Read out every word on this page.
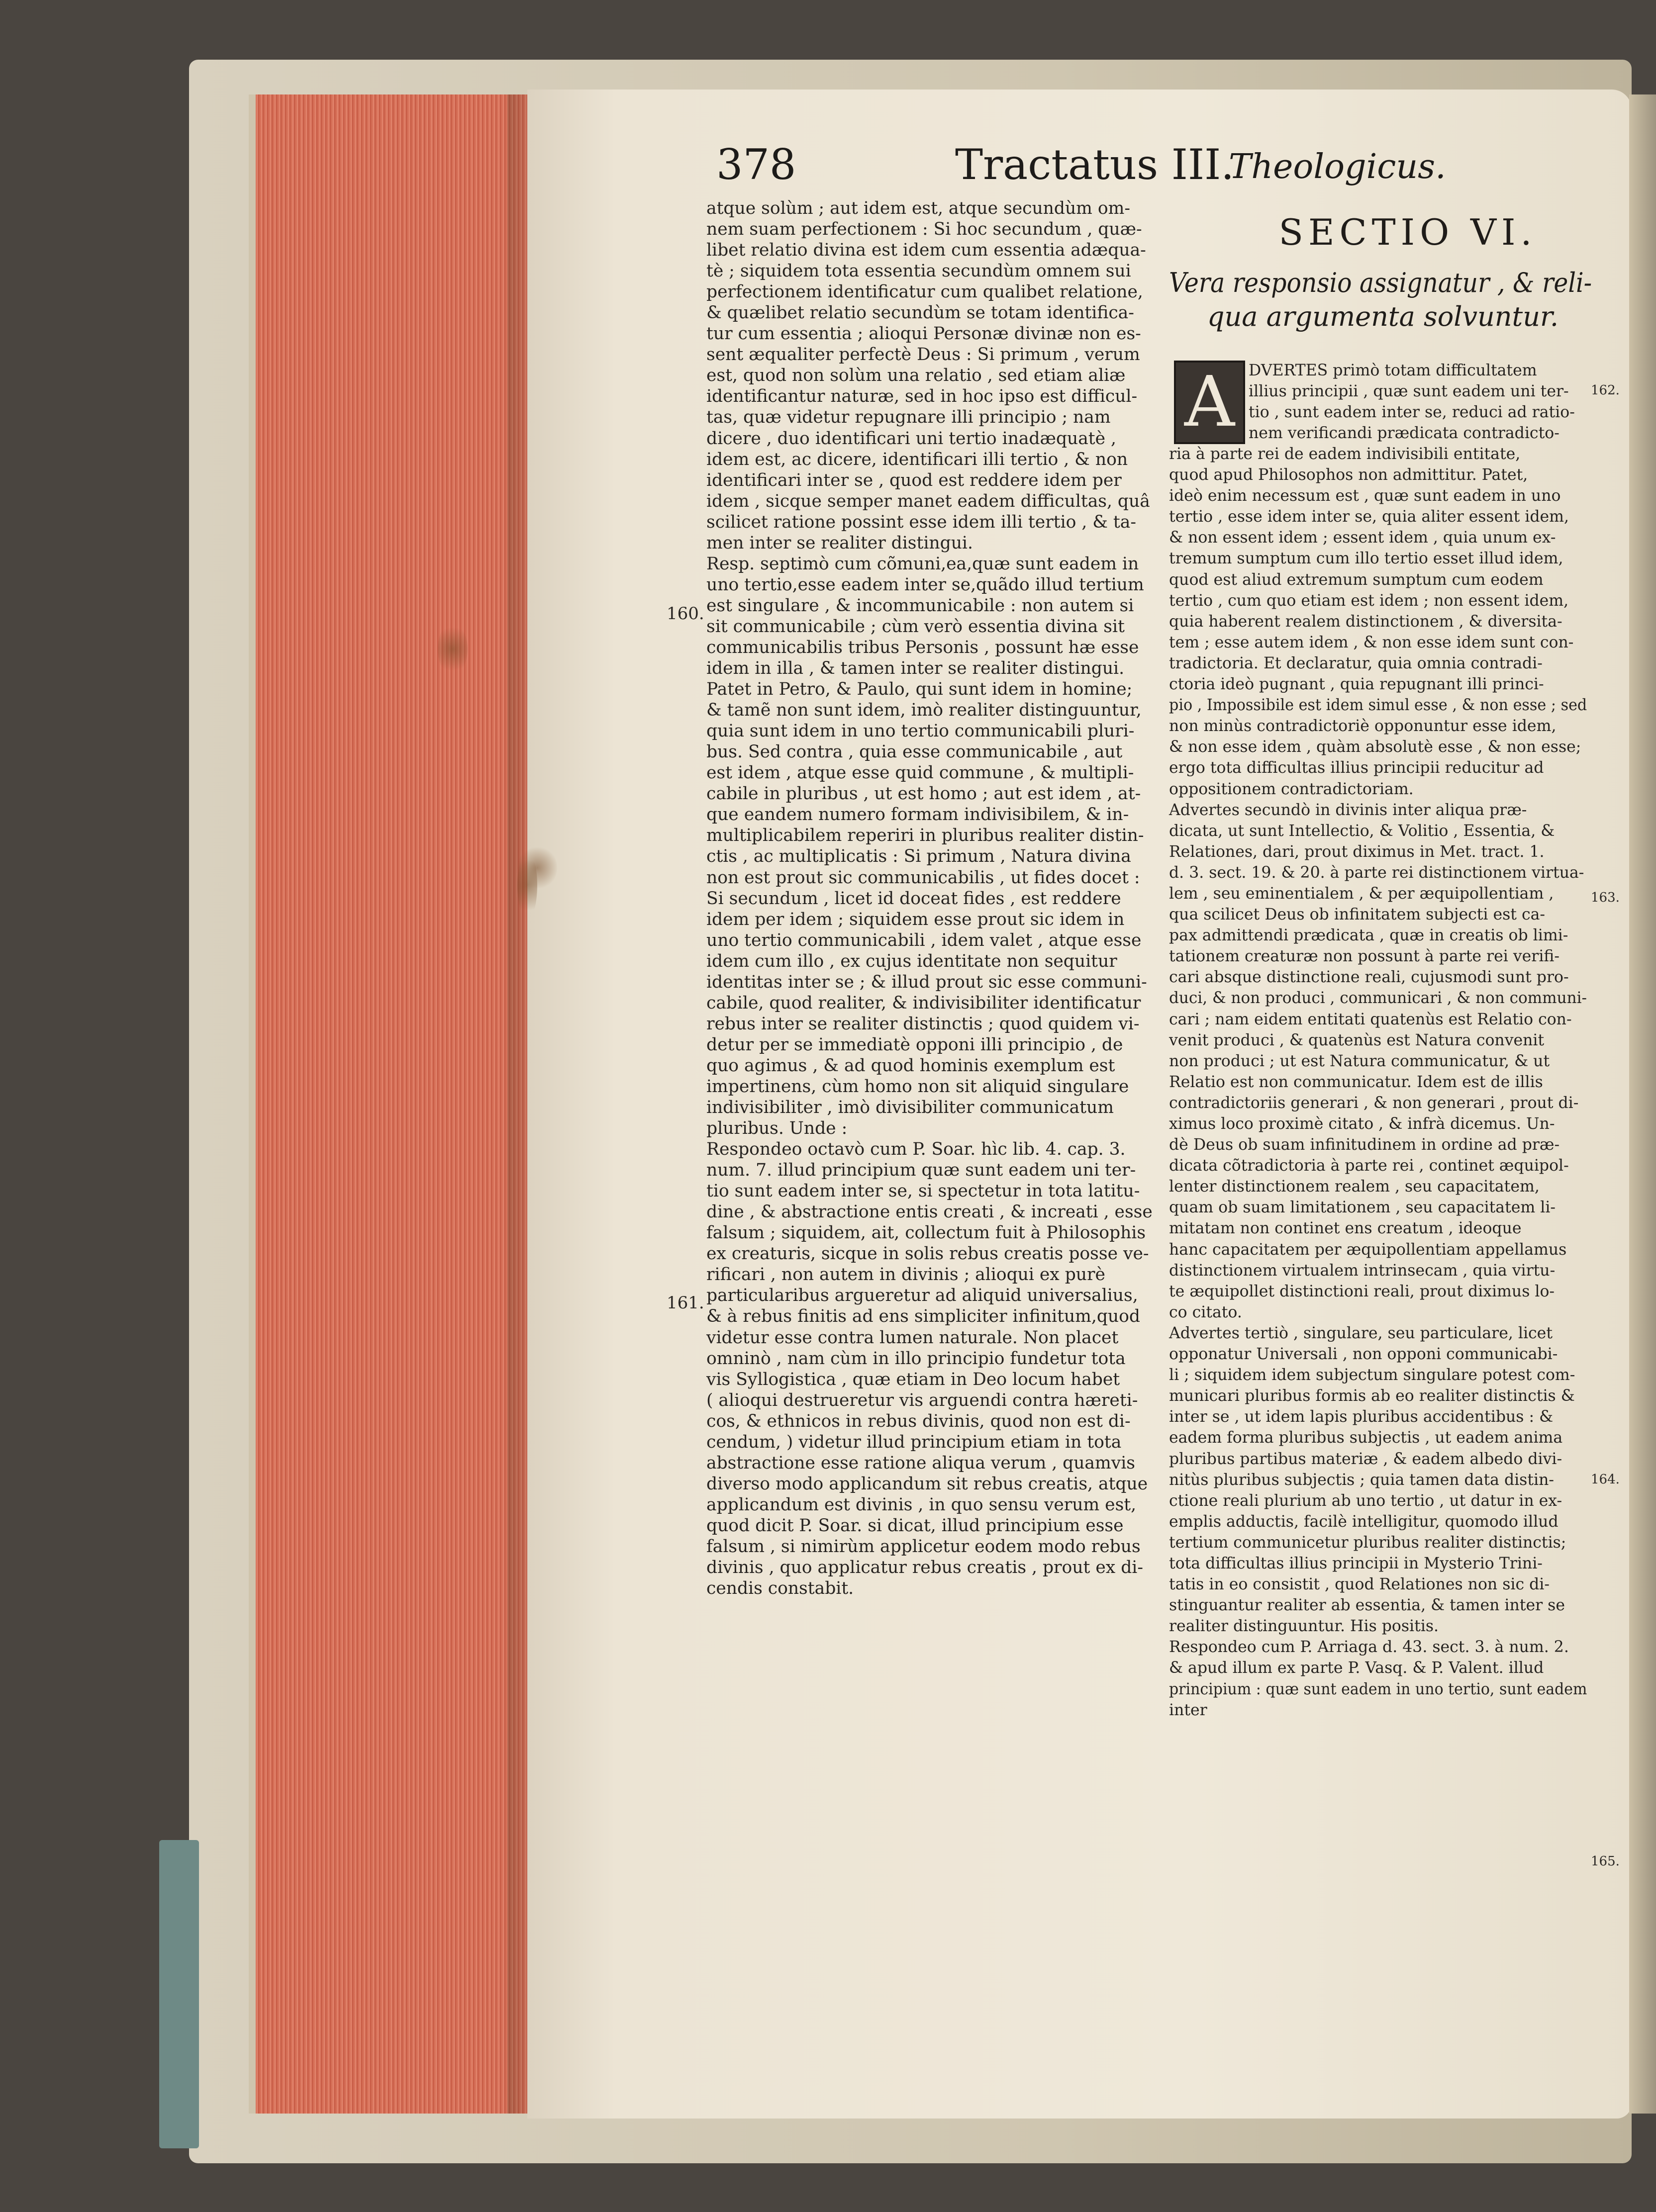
378	Tractatus III.
Theologicus.

atque solùm ; aut idem est, atque secundùm om-

nem suam perfectionem : Si hoc secundum , quæ-

libet relatio divina est idem cum essentia adæqua-

tè ; siquidem tota essentia secundùm omnem sui

perfectionem identificatur cum qualibet relatione,

& quælibet relatio secundùm se totam identifica-

tur cum essentia ; alioqui Personæ divinæ non es-

sent æqualiter perfectè Deus : Si primum , verum

est, quod non solùm una relatio , sed etiam aliæ

identificantur naturæ, sed in hoc ipso est difficul-

tas, quæ videtur repugnare illi principio ; nam

dicere , duo identificari uni tertio inadæquatè ,

idem est, ac dicere, identificari illi tertio , & non

identificari inter se , quod est reddere idem per

idem , sicque semper manet eadem difficultas, quâ

scilicet ratione possint esse idem illi tertio , & ta-

men inter se realiter distingui.

Resp. septimò cum cõmuni,ea,quæ sunt eadem in

uno tertio,esse eadem inter se,quãdo illud tertium

est singulare , & incommunicabile : non autem si

sit communicabile ; cùm verò essentia divina sit

communicabilis tribus Personis , possunt hæ esse

idem in illa , & tamen inter se realiter distingui.

Patet in Petro, & Paulo, qui sunt idem in homine;

& tamẽ non sunt idem, imò realiter distinguuntur,

quia sunt idem in uno tertio communicabili pluri-

bus. Sed contra , quia esse communicabile , aut

est idem , atque esse quid commune , & multipli-

cabile in pluribus , ut est homo ; aut est idem , at-

que eandem numero formam indivisibilem, & in-

multiplicabilem reperiri in pluribus realiter distin-

ctis , ac multiplicatis : Si primum , Natura divina

non est prout sic communicabilis , ut fides docet :

Si secundum , licet id doceat fides , est reddere

idem per idem ; siquidem esse prout sic idem in

uno tertio communicabili , idem valet , atque esse

idem cum illo , ex cujus identitate non sequitur

identitas inter se ; & illud prout sic esse communi-

cabile, quod realiter, & indivisibiliter identificatur

rebus inter se realiter distinctis ; quod quidem vi-

detur per se immediatè opponi illi principio , de

quo agimus , & ad quod hominis exemplum est

impertinens, cùm homo non sit aliquid singulare

indivisibiliter , imò divisibiliter communicatum

pluribus. Unde :

Respondeo octavò cum P. Soar. hìc lib. 4. cap. 3.

num. 7. illud principium quæ sunt eadem uni ter-

tio sunt eadem inter se, si spectetur in tota latitu-

dine , & abstractione entis creati , & increati , esse

falsum ; siquidem, ait, collectum fuit à Philosophis

ex creaturis, sicque in solis rebus creatis posse ve-

rificari , non autem in divinis ; alioqui ex purè

particularibus argueretur ad aliquid universalius,

& à rebus finitis ad ens simpliciter infinitum,quod

videtur esse contra lumen naturale. Non placet

omninò , nam cùm in illo principio fundetur tota

vis Syllogistica , quæ etiam in Deo locum habet

( alioqui destrueretur vis arguendi contra hæreti-

cos, & ethnicos in rebus divinis, quod non est di-

cendum, ) videtur illud principium etiam in tota

abstractione esse ratione aliqua verum , quamvis

diverso modo applicandum sit rebus creatis, atque

applicandum est divinis , in quo sensu verum est,

quod dicit P. Soar. si dicat, illud principium esse

falsum , si nimirùm applicetur eodem modo rebus

divinis , quo applicatur rebus creatis , prout ex di-

cendis constabit.

160.
161.
SECTIO VI.

Vera responsio assignatur , & reli-

qua argumenta solvuntur.

A DVERTES primò totam difficultatem

illius principii , quæ sunt eadem uni ter-

tio , sunt eadem inter se, reduci ad ratio-

nem verificandi prædicata contradicto-

ria à parte rei de eadem indivisibili entitate,

quod apud Philosophos non admittitur. Patet,

ideò enim necessum est , quæ sunt eadem in uno

tertio , esse idem inter se, quia aliter essent idem,

& non essent idem ; essent idem , quia unum ex-

tremum sumptum cum illo tertio esset illud idem,

quod est aliud extremum sumptum cum eodem

tertio , cum quo etiam est idem ; non essent idem,

quia haberent realem distinctionem , & diversita-

tem ; esse autem idem , & non esse idem sunt con-

tradictoria. Et declaratur, quia omnia contradi-

ctoria ideò pugnant , quia repugnant illi princi-

pio , Impossibile est idem simul esse , & non esse ; sed

non minùs contradictoriè opponuntur esse idem,

& non esse idem , quàm absolutè esse , & non esse;

ergo tota difficultas illius principii reducitur ad

oppositionem contradictoriam.

Advertes secundò in divinis inter aliqua præ-

dicata, ut sunt Intellectio, & Volitio , Essentia, &

Relationes, dari, prout diximus in Met. tract. 1.

d. 3. sect. 19. & 20. à parte rei distinctionem virtua-

lem , seu eminentialem , & per æquipollentiam ,

qua scilicet Deus ob infinitatem subjecti est ca-

pax admittendi prædicata , quæ in creatis ob limi-

tationem creaturæ non possunt à parte rei verifi-

cari absque distinctione reali, cujusmodi sunt pro-

duci, & non produci , communicari , & non communi-

cari ; nam eidem entitati quatenùs est Relatio con-

venit produci , & quatenùs est Natura convenit

non produci ; ut est Natura communicatur, & ut

Relatio est non communicatur. Idem est de illis

contradictoriis generari , & non generari , prout di-

ximus loco proximè citato , & infrà dicemus. Un-

dè Deus ob suam infinitudinem in ordine ad præ-

dicata cõtradictoria à parte rei , continet æquipol-

lenter distinctionem realem , seu capacitatem,

quam ob suam limitationem , seu capacitatem li-

mitatam non continet ens creatum , ideoque

hanc capacitatem per æquipollentiam appellamus

distinctionem virtualem intrinsecam , quia virtu-

te æquipollet distinctioni reali, prout diximus lo-

co citato.

Advertes tertiò , singulare, seu particulare, licet

opponatur Universali , non opponi communicabi-

li ; siquidem idem subjectum singulare potest com-

municari pluribus formis ab eo realiter distinctis &

inter se , ut idem lapis pluribus accidentibus : &

eadem forma pluribus subjectis , ut eadem anima

pluribus partibus materiæ , & eadem albedo divi-

nitùs pluribus subjectis ; quia tamen data distin-

ctione reali plurium ab uno tertio , ut datur in ex-

emplis adductis, facilè intelligitur, quomodo illud

tertium communicetur pluribus realiter distinctis;

tota difficultas illius principii in Mysterio Trini-

tatis in eo consistit , quod Relationes non sic di-

stinguantur realiter ab essentia, & tamen inter se

realiter distinguuntur. His positis.

Respondeo cum P. Arriaga d. 43. sect. 3. à num. 2.

& apud illum ex parte P. Vasq. & P. Valent. illud

principium : quæ sunt eadem in uno tertio, sunt eadem

inter

162.
163.
164.
165.
